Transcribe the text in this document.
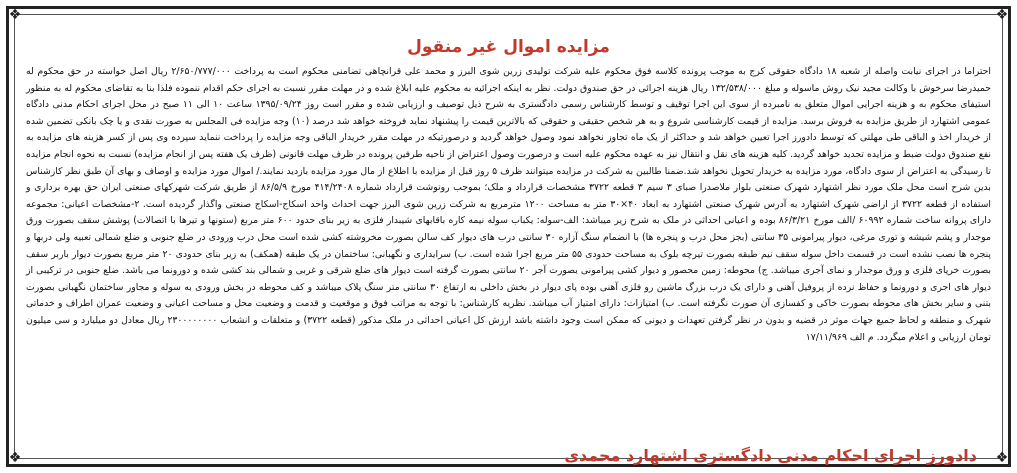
❖	❖
❖	❖
مزایده اموال غیر منقول

احتراما در اجرای نیابت واصله از شعبه ۱۸ دادگاه حقوقی کرج به موجب پرونده کلاسه فوق محکوم علیه شرکت تولیدی زرین شوی البرز و محمد علی قرانچاهی تضامنی محکوم است به پرداخت ۲/۶۵۰/۷۷۷/۰۰۰ ریال اصل خواسته در حق محکوم له حمیدرضا سرخوش با وکالت مجید نیک روش ماسوله و مبلغ ۱۳۲/۵۳۸/۰۰۰ ریال هزینه اجرائی در حق صندوق دولت. نظر به اینکه اجرائیه به محکوم علیه ابلاغ شده و در مهلت مقرر نسبت به اجرای حکم اقدام ننموده فلذا بنا به تقاضای محکوم له به منظور استیفای محکوم به و هزینه اجرایی اموال متعلق به نامبرده از سوی این اجرا توقیف و توسط کارشناس رسمی دادگستری به شرح ذیل توصیف و ارزیابی شده و مقرر است روز ۱۳۹۵/۰۹/۲۴ ساعت ۱۰ الی ۱۱ صبح در محل اجرای احکام مدنی دادگاه عمومی اشتهارد از طریق مزایده به فروش برسد. مزایده از قیمت کارشناسی شروع و به هر شخص حقیقی و حقوقی که بالاترین قیمت را پیشنهاد نماید فروخته خواهد شد درصد (۱۰) وجه مزایده فی المجلس به صورت نقدی و یا چک بانکی تضمین شده از خریدار اخذ و الباقی طی مهلتی که توسط دادورز اجرا تعیین خواهد شد و حداکثر از یک ماه تجاوز نخواهد نمود وصول خواهد گردید و درصورتیکه در مهلت مقرر خریدار الباقی وجه مزایده را پرداخت ننماید سپرده وی پس از کسر هزینه های مزایده به نفع صندوق دولت ضبط و مزایده تجدید خواهد گردید. کلیه هزینه های نقل و انتقال نیز به عهده محکوم علیه است و درصورت وصول اعتراض از ناحیه طرفین پرونده در ظرف مهلت قانونی (ظرف یک هفته پس از انجام مزایده) نسبت به نحوه انجام مزایده تا رسیدگی به اعتراض از سوی دادگاه، مورد مزایده به خریدار تحویل نخواهد شد.ضمنا طالبین به شرکت در مزایده میتوانند ظرف ۵ روز قبل از مزایده با اطلاع از مال مورد مزایده بازدید نمایند./ اموال مورد مزایده و اوصاف و بهای آن طبق نظر کارشناس بدین شرح است محل ملک مورد نظر اشتهارد شهرک صنعتی بلوار ملاصدرا صبای ۳ سیم ۳ قطعه ۳۷۲۲ مشخصات قرارداد و ملک؛ بموجب رونوشت قرارداد شماره ۴۱۴/۲۴۰۸ مورخ ۸۶/۵/۹ از طریق شرکت شهرکهای صنعتی ایران حق بهره برداری و استفاده از قطعه ۳۷۲۲ از اراضی شهرک اشتهارد به آدرس شهرک صنعتی اشتهارد به ابعاد ۴۰×۳۰ متر به مساحت ۱۲۰۰ مترمربع به شرکت زرین شوی البرز جهت احداث واحد اسکاج-اسکاج صنعتی واگذار گردیده است. ۲-مشخصات اعیانی: مجموعه دارای پروانه ساخت شماره ۶۰۹۹۲ /الف مورخ ۸۶/۳/۲۱ بوده و اعیانی احداثی در ملک به شرح زیر میباشد: الف-سوله: یکباب سوله نیمه کاره باقابهای شیبدار فلزی به زیر بنای حدود ۶۰۰ متر مربع (ستونها و تیرها با اتصالات) پوشش سقف بصورت ورق موجدار و پشم شیشه و توری مرغی، دیوار پیرامونی ۳۵ سانتی (بجز محل درب و پنجره ها) با انضمام سنگ آزاره ۳۰ سانتی درب های دیوار کف سالن بصورت مخروشته کشی شده است محل درب ورودی در ضلع جنوبی و ضلع شمالی تعبیه ولی دربها و پنجره ها نصب نشده است در قسمت داخل سوله سقف نیم طبقه بصورت تیرچه بلوک به مساحت حدودی ۵۵ متر مربع اجرا شده است. ب) سرایداری و نگهبانی: ساختمان در یک طبقه (همکف) به زیر بنای حدودی ۲۰ متر مربع بصورت دیوار باربر سقف بصورت خرپای فلزی و ورق موجدار و نمای آجری میباشد. ج) محوطه: زمین محصور و دیوار کشی پیرامونی بصورت آجر ۲۰ سانتی بصورت گرفته است دیوار های ضلع شرقی و غربی و شمالی بند کشی شده و دورونما می باشد. ضلع جنوبی در ترکیبی از دیوار های اجری و دورونما و حفاظ نرده از پروفیل آهنی و دارای یک درب بزرگ ماشین رو فلزی آهنی بوده پای دیوار در بخش داخلی به ارتفاع ۳۰ سانتی متر سنگ پلاک میباشد و کف محوطه در بخش ورودی به سوله و مجاور ساختمان نگهبانی بصورت بتنی و سایر بخش های محوطه بصورت خاکی و کفسازی آن صورت نگرفته است. ب) امتیازات: دارای امتیاز آب میباشد. نظریه کارشناس: با توجه به مراتب فوق و موقعیت و قدمت و وضعیت محل و مساحت اعیانی و وضعیت عمران اطراف و خدماتی شهرک و منطقه و لحاظ جمیع جهات موثر در قضیه و بدون در نظر گرفتن تعهدات و دیونی که ممکن است وجود داشته باشد ارزش کل اعیانی احداثی در ملک مذکور (قطعه ۳۷۲۲) و متعلقات و انشعاب ۲۳۰۰۰۰۰۰۰۰ ریال معادل دو میلیارد و سی میلیون تومان ارزیابی و اعلام میگردد. م الف ۱۷/۱۱/۹۶۹

دادورز اجرای احکام مدنی دادگستری اشتهارد محمدی
